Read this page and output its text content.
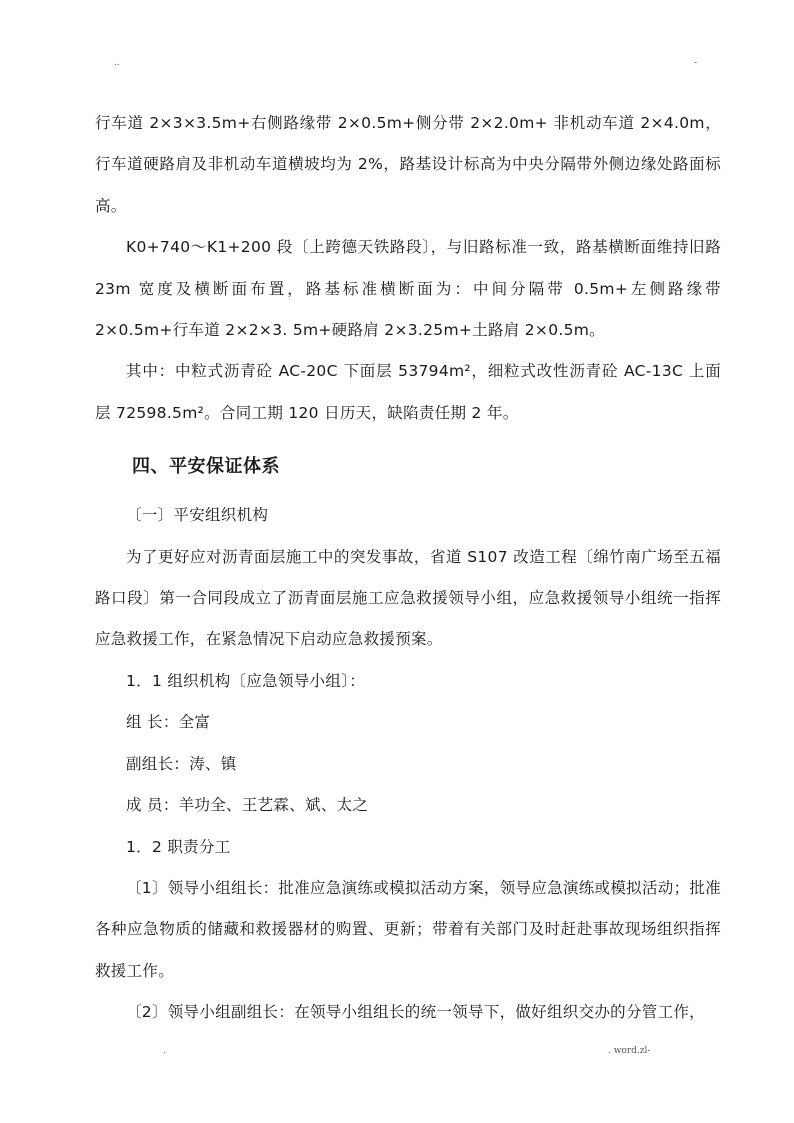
..	-

行车道 2×3×3.5m+右侧路缘带 2×0.5m+侧分带 2×2.0m+ 非机动车道 2×4.0m，行车道硬路肩及非机动车道横坡均为 2%，路基设计标高为中央分隔带外侧边缘处路面标高。

K0+740～K1+200 段〔上跨德天铁路段〕，与旧路标准一致，路基横断面维持旧路 23m 宽度及横断面布置，路基标准横断面为：中间分隔带 0.5m+左侧路缘带 2×0.5m+行车道 2×2×3. 5m+硬路肩 2×3.25m+土路肩 2×0.5m。

其中：中粒式沥青砼 AC-20C 下面层 53794m²，细粒式改性沥青砼 AC-13C 上面层 72598.5m²。合同工期 120 日历天，缺陷责任期 2 年。

四、平安保证体系

〔一〕平安组织机构

为了更好应对沥青面层施工中的突发事故，省道 S107 改造工程〔绵竹南广场至五福路口段〕第一合同段成立了沥青面层施工应急救援领导小组，应急救援领导小组统一指挥应急救援工作，在紧急情况下启动应急救援预案。

1．1 组织机构〔应急领导小组〕：

组 长：全富

副组长：涛、镇

成 员：羊功全、王艺霖、斌、太之

1．2 职责分工

〔1〕领导小组组长：批准应急演练或模拟活动方案，领导应急演练或模拟活动；批准各种应急物质的储藏和救援器材的购置、更新；带着有关部门及时赶赴事故现场组织指挥救援工作。

〔2〕领导小组副组长：在领导小组组长的统一领导下，做好组织交办的分管工作，

.	. word.zl-
